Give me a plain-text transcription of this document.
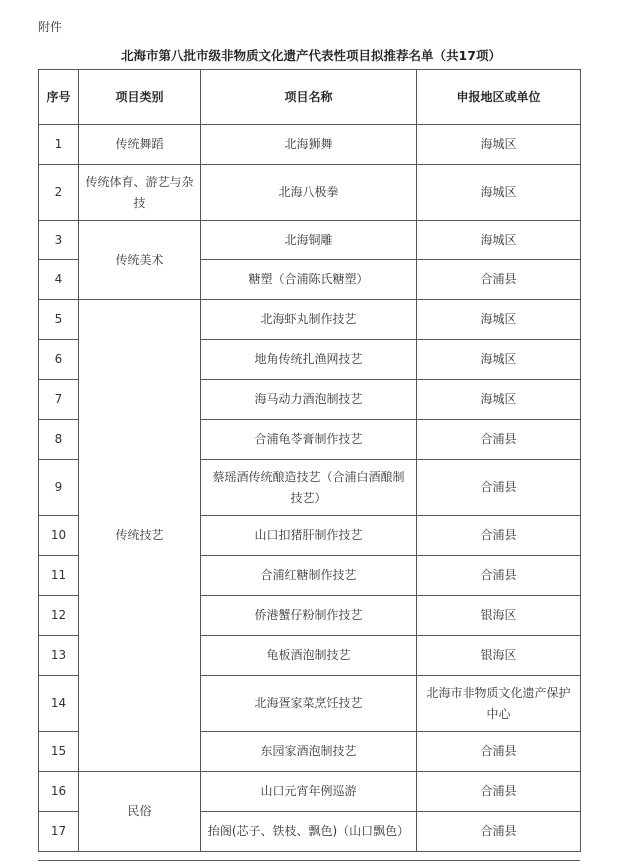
附件
北海市第八批市级非物质文化遗产代表性项目拟推荐名单（共17项）
序号	项目类别	项目名称	申报地区或单位
1	传统舞蹈	北海狮舞	海城区
2	传统体育、游艺与杂技	北海八极拳	海城区
3	传统美术	北海铜雕	海城区
4		糖塑（合浦陈氏糖塑）	合浦县
5	传统技艺	北海虾丸制作技艺	海城区
6		地角传统扎渔网技艺	海城区
7		海马动力酒泡制技艺	海城区
8		合浦龟苓膏制作技艺	合浦县
9		蔡瑶酒传统酿造技艺（合浦白酒酿制技艺）	合浦县
10		山口扣猪肝制作技艺	合浦县
11		合浦红糖制作技艺	合浦县
12		侨港蟹仔粉制作技艺	银海区
13		龟板酒泡制技艺	银海区
14		北海疍家菜烹饪技艺	北海市非物质文化遗产保护中心
15		东园家酒泡制技艺	合浦县
16	民俗	山口元宵年例巡游	合浦县
17		抬阁(芯子、铁枝、飘色)（山口飘色）	合浦县
